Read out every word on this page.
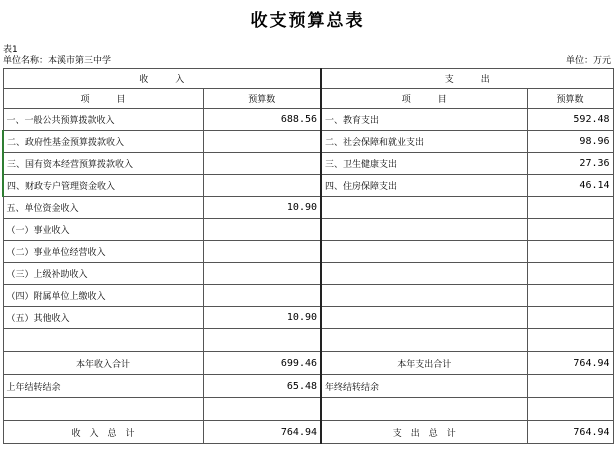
收支预算总表
表1
单位名称：本溪市第三中学	单位：万元
收　　　入		支　　　出	
项　　　目	预算数	项　　　目	预算数
一、一般公共预算拨款收入	688.56	一、教育支出	592.48
二、政府性基金预算拨款收入		二、社会保障和就业支出	98.96
三、国有资本经营预算拨款收入		三、卫生健康支出	27.36
四、财政专户管理资金收入		四、住房保障支出	46.14
五、单位资金收入	10.90		
（一）事业收入			
（二）事业单位经营收入			
（三）上级补助收入			
（四）附属单位上缴收入			
（五）其他收入	10.90		

本年收入合计	699.46	本年支出合计	764.94
上年结转结余	65.48	年终结转结余	

收　入　总　计	764.94	支　出　总　计	764.94
